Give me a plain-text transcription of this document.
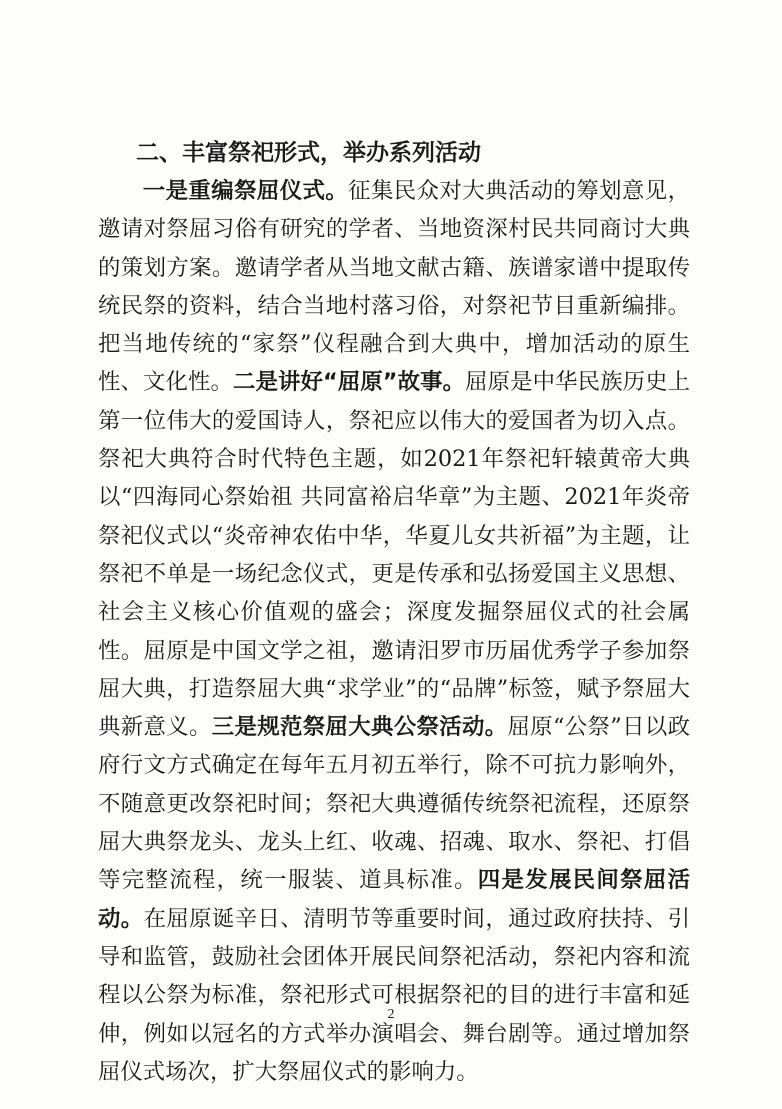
二、丰富祭祀形式，举办系列活动

一是重编祭屈仪式。征集民众对大典活动的筹划意见，邀请对祭屈习俗有研究的学者、当地资深村民共同商讨大典的策划方案。邀请学者从当地文献古籍、族谱家谱中提取传统民祭的资料，结合当地村落习俗，对祭祀节目重新编排。把当地传统的“家祭”仪程融合到大典中，增加活动的原生性、文化性。二是讲好“屈原”故事。屈原是中华民族历史上第一位伟大的爱国诗人，祭祀应以伟大的爱国者为切入点。祭祀大典符合时代特色主题，如2021年祭祀轩辕黄帝大典以“四海同心祭始祖 共同富裕启华章”为主题、2021年炎帝祭祀仪式以“炎帝神农佑中华，华夏儿女共祈福”为主题，让祭祀不单是一场纪念仪式，更是传承和弘扬爱国主义思想、社会主义核心价值观的盛会；深度发掘祭屈仪式的社会属性。屈原是中国文学之祖，邀请汨罗市历届优秀学子参加祭屈大典，打造祭屈大典“求学业”的“品牌”标签，赋予祭屈大典新意义。三是规范祭屈大典公祭活动。屈原“公祭”日以政府行文方式确定在每年五月初五举行，除不可抗力影响外，不随意更改祭祀时间；祭祀大典遵循传统祭祀流程，还原祭屈大典祭龙头、龙头上红、收魂、招魂、取水、祭祀、打倡等完整流程，统一服装、道具标准。四是发展民间祭屈活动。在屈原诞辛日、清明节等重要时间，通过政府扶持、引导和监管，鼓励社会团体开展民间祭祀活动，祭祀内容和流程以公祭为标准，祭祀形式可根据祭祀的目的进行丰富和延伸，例如以冠名的方式举办演唱会、舞台剧等。通过增加祭屈仪式场次，扩大祭屈仪式的影响力。

2
